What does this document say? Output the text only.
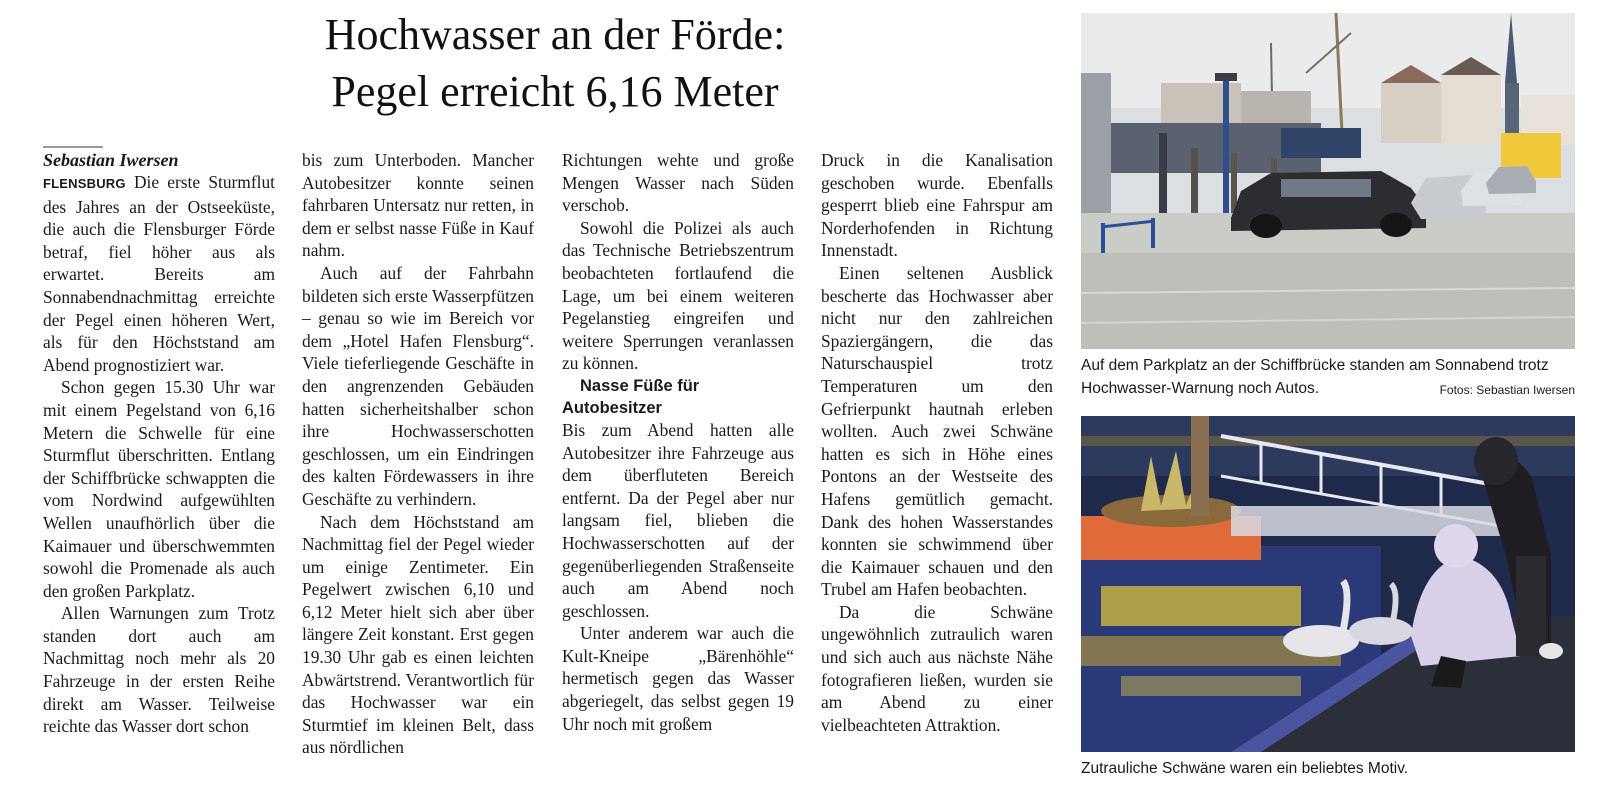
Hochwasser an der Förde:
Pegel erreicht 6,16 Meter

Sebastian Iwersen

FLENSBURG Die erste Sturmflut des Jahres an der Ostseeküste, die auch die Flensburger Förde betraf, fiel höher aus als erwartet. Bereits am Sonnabendnachmittag erreichte der Pegel einen höheren Wert, als für den Höchststand am Abend prognostiziert war.

Schon gegen 15.30 Uhr war mit einem Pegelstand von 6,16 Metern die Schwelle für eine Sturmflut überschritten. Entlang der Schiffbrücke schwappten die vom Nordwind aufgewühlten Wellen unaufhörlich über die Kaimauer und überschwemmten sowohl die Promenade als auch den großen Parkplatz.

Allen Warnungen zum Trotz standen dort auch am Nachmittag noch mehr als 20 Fahrzeuge in der ersten Reihe direkt am Wasser. Teilweise reichte das Wasser dort schon

bis zum Unterboden. Mancher Autobesitzer konnte seinen fahrbaren Untersatz nur retten, in dem er selbst nasse Füße in Kauf nahm.

Auch auf der Fahrbahn bildeten sich erste Wasserpfützen – genau so wie im Bereich vor dem „Hotel Hafen Flensburg“. Viele tieferliegende Geschäfte in den angrenzenden Gebäuden hatten sicherheitshalber schon ihre Hochwasserschotten geschlossen, um ein Eindringen des kalten Fördewassers in ihre Geschäfte zu verhindern.

Nach dem Höchststand am Nachmittag fiel der Pegel wieder um einige Zentimeter. Ein Pegelwert zwischen 6,10 und 6,12 Meter hielt sich aber über längere Zeit konstant. Erst gegen 19.30 Uhr gab es einen leichten Abwärtstrend. Verantwortlich für das Hochwasser war ein Sturmtief im kleinen Belt, dass aus nördlichen

Richtungen wehte und große Mengen Wasser nach Süden verschob.

Sowohl die Polizei als auch das Technische Betriebszentrum beobachteten fortlaufend die Lage, um bei einem weiteren Pegelanstieg eingreifen und weitere Sperrungen veranlassen zu können.

Nasse Füße für Autobesitzer

Bis zum Abend hatten alle Autobesitzer ihre Fahrzeuge aus dem überfluteten Bereich entfernt. Da der Pegel aber nur langsam fiel, blieben die Hochwasserschotten auf der gegenüberliegenden Straßenseite auch am Abend noch geschlossen.

Unter anderem war auch die Kult-Kneipe „Bärenhöhle“ hermetisch gegen das Wasser abgeriegelt, das selbst gegen 19 Uhr noch mit großem

Druck in die Kanalisation geschoben wurde. Ebenfalls gesperrt blieb eine Fahrspur am Norderhofenden in Richtung Innenstadt.

Einen seltenen Ausblick bescherte das Hochwasser aber nicht nur den zahlreichen Spaziergängern, die das Naturschauspiel trotz Temperaturen um den Gefrierpunkt hautnah erleben wollten. Auch zwei Schwäne hatten es sich in Höhe eines Pontons an der Westseite des Hafens gemütlich gemacht. Dank des hohen Wasserstandes konnten sie schwimmend über die Kaimauer schauen und den Trubel am Hafen beobachten.

Da die Schwäne ungewöhnlich zutraulich waren und sich auch aus nächste Nähe fotografieren ließen, wurden sie am Abend zu einer vielbeachteten Attraktion.

Auf dem Parkplatz an der Schiffbrücke standen am Sonnabend trotz Hochwasser-Warnung noch Autos.	Fotos: Sebastian Iwersen
Zutrauliche Schwäne waren ein beliebtes Motiv.
